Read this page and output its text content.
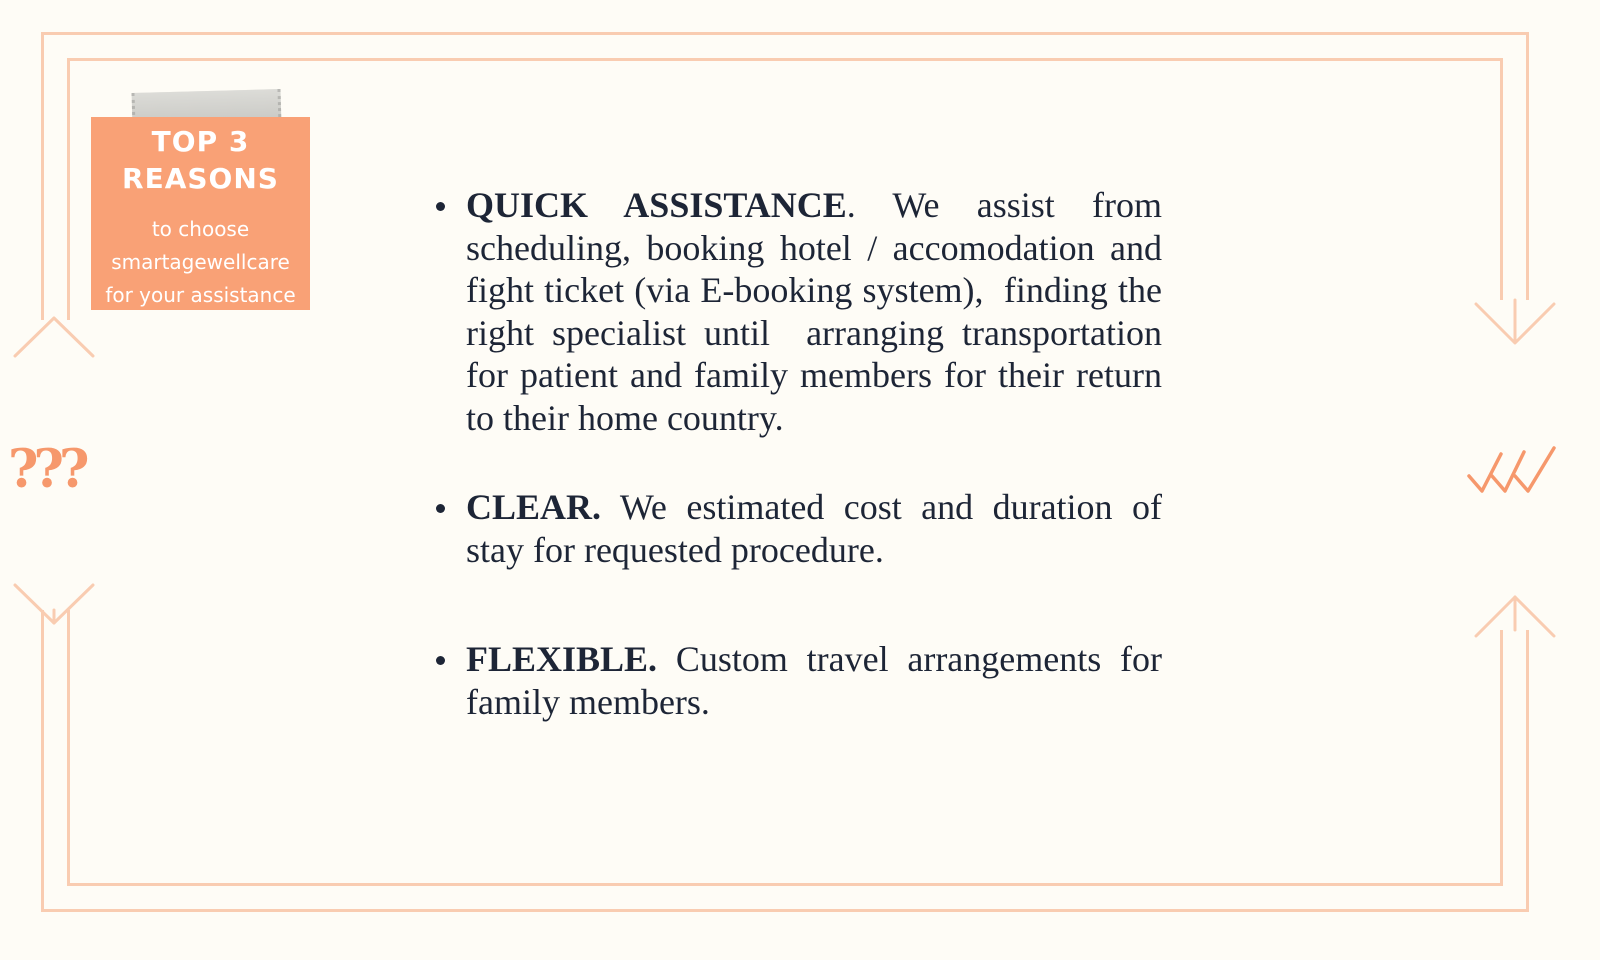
???
TOP 3
REASONS
to choose
smartagewellcare
for your assistance
QUICK ASSISTANCE. We assist from scheduling, booking hotel / accomodation and fight ticket (via E-booking system),  finding the right specialist until  arranging transportation for patient and family members for their return to their home country.
CLEAR. We estimated cost and duration of stay for requested procedure.
FLEXIBLE. Custom travel arrangements for family members.
